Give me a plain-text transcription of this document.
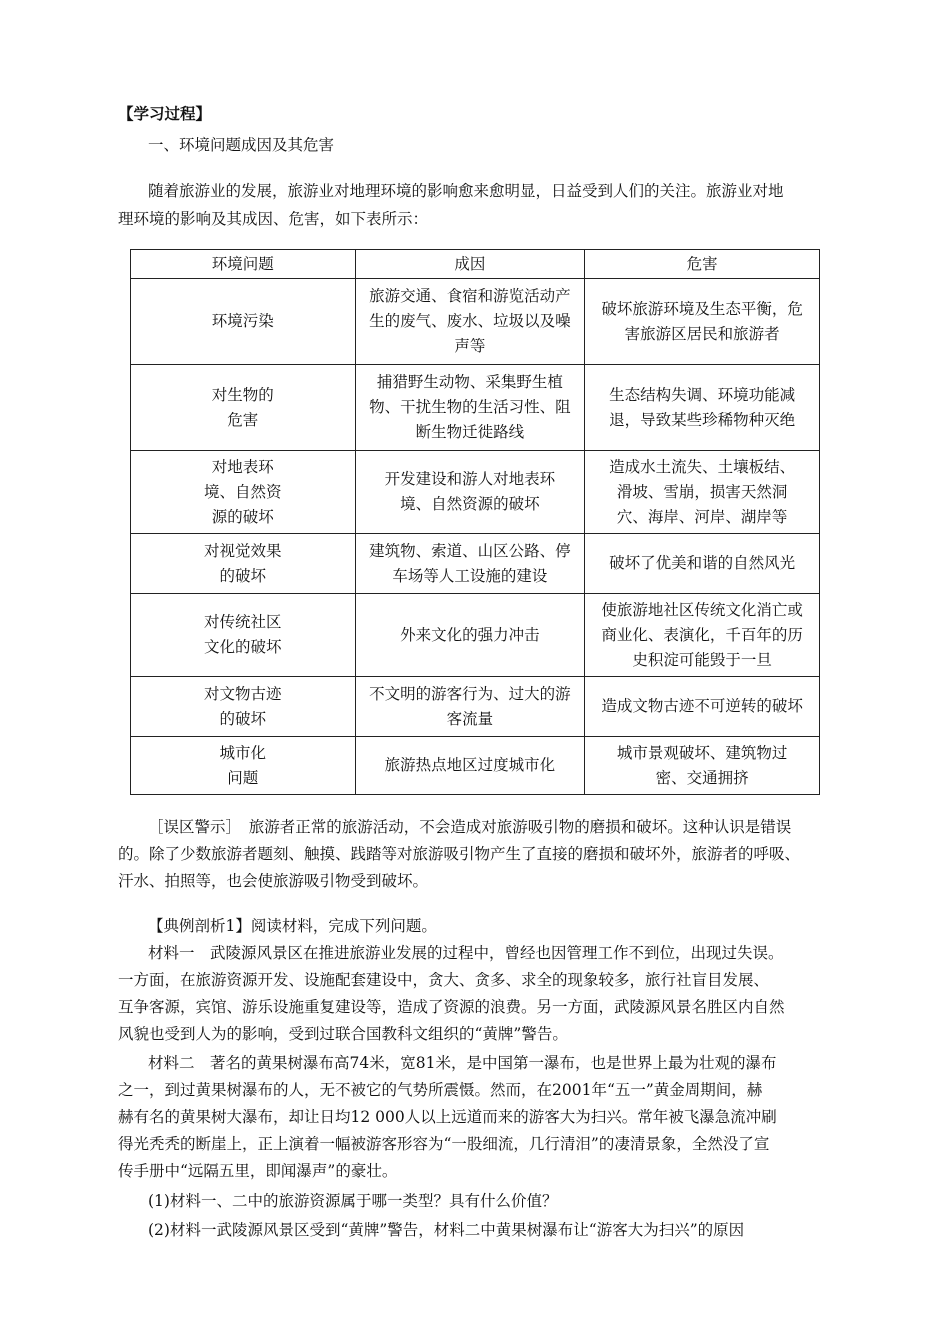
【学习过程】
一、环境问题成因及其危害
随着旅游业的发展，旅游业对地理环境的影响愈来愈明显，日益受到人们的关注。旅游业对地
理环境的影响及其成因、危害，如下表所示：
环境问题	成因	危害

环境污染	旅游交通、食宿和游览活动产生的废气、废水、垃圾以及噪声等	破坏旅游环境及生态平衡，危害旅游区居民和旅游者

对生物的危害	捕猎野生动物、采集野生植物、干扰生物的生活习性、阻断生物迁徙路线	生态结构失调、环境功能减退，导致某些珍稀物种灭绝

对地表环境、自然资源的破坏	开发建设和游人对地表环境、自然资源的破坏	造成水土流失、土壤板结、滑坡、雪崩，损害天然洞穴、海岸、河岸、湖岸等

对视觉效果的破坏	建筑物、索道、山区公路、停车场等人工设施的建设	破坏了优美和谐的自然风光

对传统社区文化的破坏	外来文化的强力冲击	使旅游地社区传统文化消亡或商业化、表演化，千百年的历史积淀可能毁于一旦

对文物古迹的破坏	不文明的游客行为、过大的游客流量	造成文物古迹不可逆转的破坏

城市化问题	旅游热点地区过度城市化	城市景观破坏、建筑物过密、交通拥挤
［误区警示］　旅游者正常的旅游活动，不会造成对旅游吸引物的磨损和破坏。这种认识是错误
的。除了少数旅游者题刻、触摸、践踏等对旅游吸引物产生了直接的磨损和破坏外，旅游者的呼吸、
汗水、拍照等，也会使旅游吸引物受到破坏。
【典例剖析1】阅读材料，完成下列问题。
材料一　武陵源风景区在推进旅游业发展的过程中，曾经也因管理工作不到位，出现过失误。
一方面，在旅游资源开发、设施配套建设中，贪大、贪多、求全的现象较多，旅行社盲目发展、
互争客源，宾馆、游乐设施重复建设等，造成了资源的浪费。另一方面，武陵源风景名胜区内自然
风貌也受到人为的影响，受到过联合国教科文组织的“黄牌”警告。
材料二　著名的黄果树瀑布高74米，宽81米，是中国第一瀑布，也是世界上最为壮观的瀑布
之一，到过黄果树瀑布的人，无不被它的气势所震慑。然而，在2001年“五一”黄金周期间，赫
赫有名的黄果树大瀑布，却让日均12 000人以上远道而来的游客大为扫兴。常年被飞瀑急流冲刷
得光秃秃的断崖上，正上演着一幅被游客形容为“一股细流，几行清泪”的凄清景象，全然没了宣
传手册中“远隔五里，即闻瀑声”的豪壮。
(1)材料一、二中的旅游资源属于哪一类型？具有什么价值？
(2)材料一武陵源风景区受到“黄牌”警告，材料二中黄果树瀑布让“游客大为扫兴”的原因
